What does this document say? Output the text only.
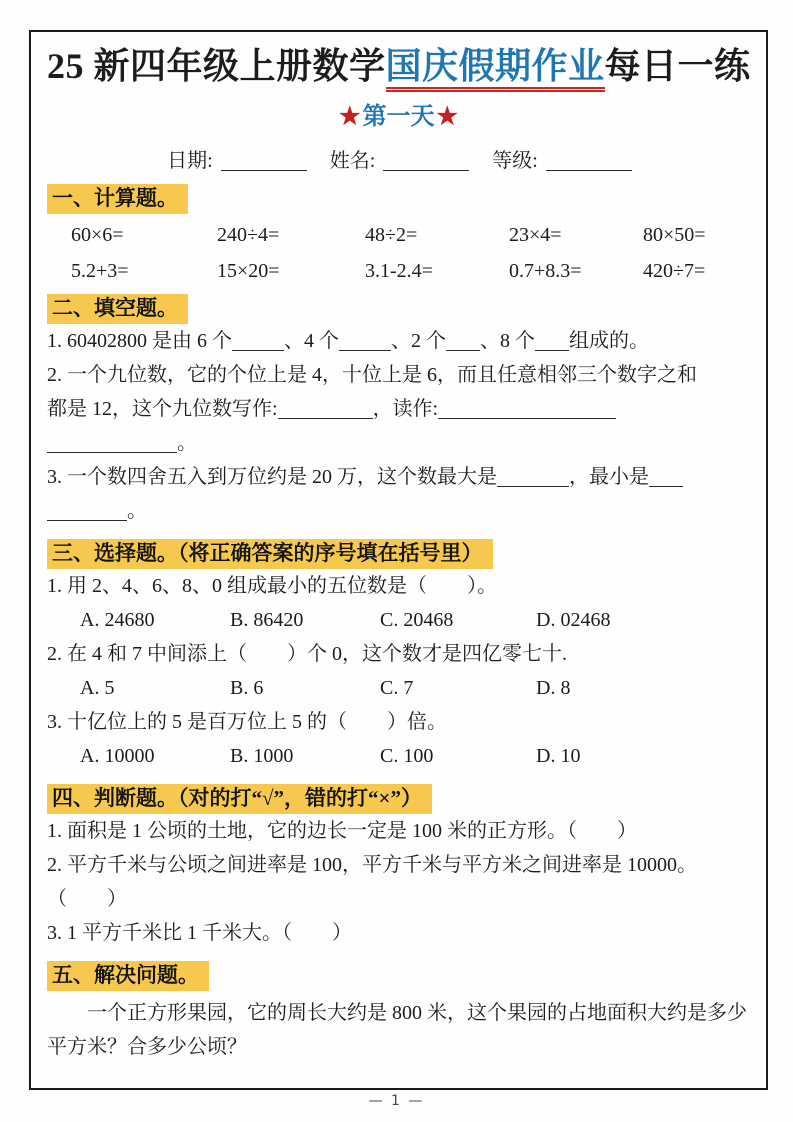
25 新四年级上册数学国庆假期作业每日一练
★第一天★
日期:	姓名:	等级:
一、计算题。
60×6=	240÷4=	48÷2=	23×4=	80×50=
5.2+3=	15×20=	3.1-2.4=	0.7+8.3=	420÷7=
二、填空题。
1. 60402800 是由 6 个	、4 个	、2 个 、8 个 组成的。
2. 一个九位数，它的个位上是 4，十位上是 6，而且任意相邻三个数字之和
都是 12，这个九位数写作:	，读作:
。
3. 一个数四舍五入到万位约是 20 万，这个数最大是	，最小是
。
三、选择题。（将正确答案的序号填在括号里）
1. 用 2、4、6、8、0 组成最小的五位数是（　　）。
A. 24680	B. 86420	C. 20468	D. 02468
2. 在 4 和 7 中间添上（　　）个 0，这个数才是四亿零七十.
A. 5	B. 6	C. 7	D. 8
3. 十亿位上的 5 是百万位上 5 的（　　）倍。
A. 10000	B. 1000	C. 100	D. 10
四、判断题。（对的打“√”，错的打“×”）
1. 面积是 1 公顷的土地，它的边长一定是 100 米的正方形。（　　）
2. 平方千米与公顷之间进率是 100，平方千米与平方米之间进率是 10000。
（　　）
3. 1 平方千米比 1 千米大。（　　）
五、解决问题。
一个正方形果园，它的周长大约是 800 米，这个果园的占地面积大约是多少平方米？合多少公顷？
— 1 —
